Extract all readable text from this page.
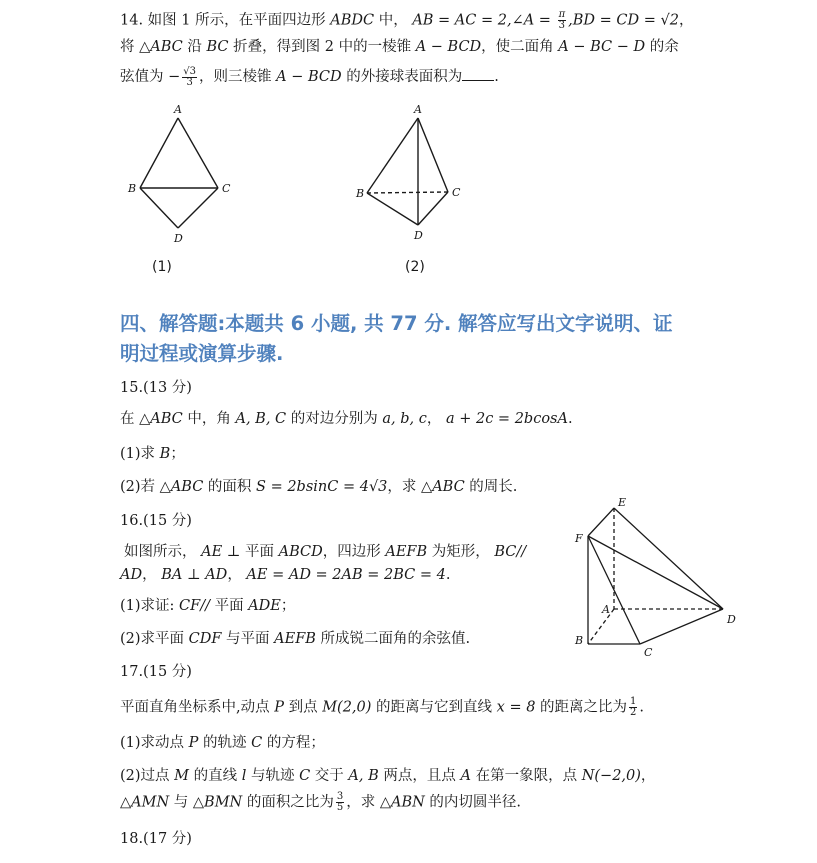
14. 如图 1 所示，在平面四边形 ABDC 中， AB = AC = 2,∠A = $\frac{\pi}{3} ,BD$ = CD = √2，
将 △ABC 沿 BC 折叠，得到图 2 中的一棱锥 A − BCD，使二面角 A − BC − D 的余
弦值为 − $\frac{√3}{3}$ ，则三棱锥 A − BCD 的外接球表面积为 .
A
B	C
D
(1)
A
B	C
D
(2)
四、解答题:本题共 6 小题, 共 77 分. 解答应写出文字说明、证
明过程或演算步骤.
15.(13 分)
在 △ABC 中，角 A, B, C 的对边分别为 a, b, c， a + 2c = 2bcosA.
(1)求 B；
(2)若 △ABC 的面积 S = 2bsinC = 4√3，求 △ABC 的周长.
16.(15 分)
如图所示， AE ⊥ 平面 ABCD，四边形 AEFB 为矩形， BC//
AD， BA ⊥ AD， AE = AD = 2AB = 2BC = 4.
(1)求证: CF// 平面 ADE；
(2)求平面 CDF 与平面 AEFB 所成锐二面角的余弦值.
E
F
A
B
C
D
17.(15 分)
平面直角坐标系中,动点 P 到点 M(2,0) 的距离与它到直线 x = 8 的距离之比为 $\frac{1}{2}$ .
(1)求动点 P 的轨迹 C 的方程；
(2)过点 M 的直线 l 与轨迹 C 交于 A, B 两点，且点 A 在第一象限，点 N(−2,0)，
△AMN 与 △BMN 的面积之比为 $\frac{3}{5}$ ，求 △ABN 的内切圆半径.
18.(17 分)
